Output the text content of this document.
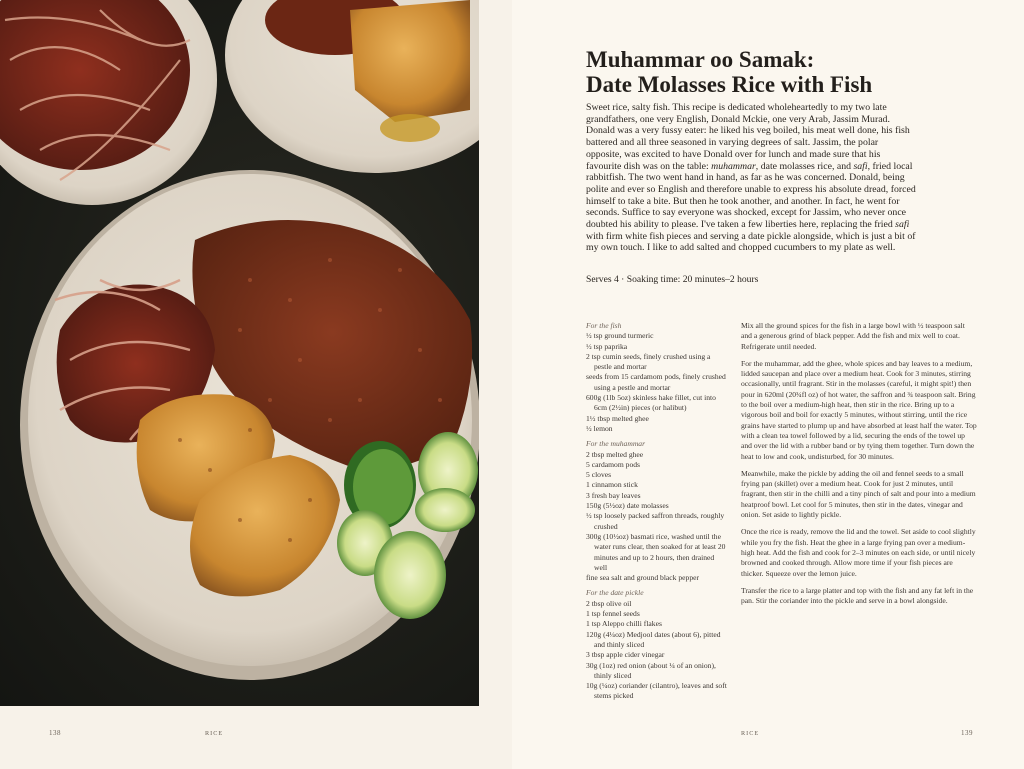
Muhammar oo Samak:
Date Molasses Rice with Fish

Sweet rice, salty fish. This recipe is dedicated wholeheartedly to my two late grandfathers, one very English, Donald Mckie, one very Arab, Jassim Murad. Donald was a very fussy eater: he liked his veg boiled, his meat well done, his fish battered and all three seasoned in varying degrees of salt. Jassim, the polar opposite, was excited to have Donald over for lunch and made sure that his favourite dish was on the table: muhammar, date molasses rice, and safi, fried local rabbitfish. The two went hand in hand, as far as he was concerned. Donald, being polite and ever so English and therefore unable to express his absolute dread, forced himself to take a bite. But then he took another, and another. In fact, he went for seconds. Suffice to say everyone was shocked, except for Jassim, who never once doubted his ability to please. I've taken a few liberties here, replacing the fried safi with firm white fish pieces and serving a date pickle alongside, which is just a bit of my own touch. I like to add salted and chopped cucumbers to my plate as well.

Serves 4 · Soaking time: 20 minutes–2 hours
For the fish
½ tsp ground turmeric
½ tsp paprika
2 tsp cumin seeds, finely crushed using a pestle and mortar
seeds from 15 cardamom pods, finely crushed using a pestle and mortar
600g (1lb 5oz) skinless hake fillet, cut into 6cm (2½in) pieces (or halibut)
1½ tbsp melted ghee
½ lemon
For the muhammar
2 tbsp melted ghee
5 cardamom pods
5 cloves
1 cinnamon stick
3 fresh bay leaves
150g (5½oz) date molasses
½ tsp loosely packed saffron threads, roughly crushed
300g (10½oz) basmati rice, washed until the water runs clear, then soaked for at least 20 minutes and up to 2 hours, then drained well
fine sea salt and ground black pepper
For the date pickle
2 tbsp olive oil
1 tsp fennel seeds
1 tsp Aleppo chilli flakes
120g (4¼oz) Medjool dates (about 6), pitted and thinly sliced
3 tbsp apple cider vinegar
30g (1oz) red onion (about ¼ of an onion), thinly sliced
10g (¼oz) coriander (cilantro), leaves and soft stems picked

Mix all the ground spices for the fish in a large bowl with ½ teaspoon salt and a generous grind of black pepper. Add the fish and mix well to coat. Refrigerate until needed.

For the muhammar, add the ghee, whole spices and bay leaves to a medium, lidded saucepan and place over a medium heat. Cook for 3 minutes, stirring occasionally, until fragrant. Stir in the molasses (careful, it might spit!) then pour in 620ml (20¾fl oz) of hot water, the saffron and ¾ teaspoon salt. Bring to the boil over a medium-high heat, then stir in the rice. Bring up to a vigorous boil and boil for exactly 5 minutes, without stirring, until the rice grains have started to plump up and have absorbed at least half the water. Top with a clean tea towel followed by a lid, securing the ends of the towel up and over the lid with a rubber band or by tying them together. Turn down the heat to low and cook, undisturbed, for 30 minutes.

Meanwhile, make the pickle by adding the oil and fennel seeds to a small frying pan (skillet) over a medium heat. Cook for just 2 minutes, until fragrant, then stir in the chilli and a tiny pinch of salt and pour into a medium heatproof bowl. Let cool for 5 minutes, then stir in the dates, vinegar and onion. Set aside to lightly pickle.

Once the rice is ready, remove the lid and the towel. Set aside to cool slightly while you fry the fish. Heat the ghee in a large frying pan over a medium-high heat. Add the fish and cook for 2–3 minutes on each side, or until nicely browned and cooked through. Allow more time if your fish pieces are thicker. Squeeze over the lemon juice.

Transfer the rice to a large platter and top with the fish and any fat left in the pan. Stir the coriander into the pickle and serve in a bowl alongside.

138	RICE	RICE	139
